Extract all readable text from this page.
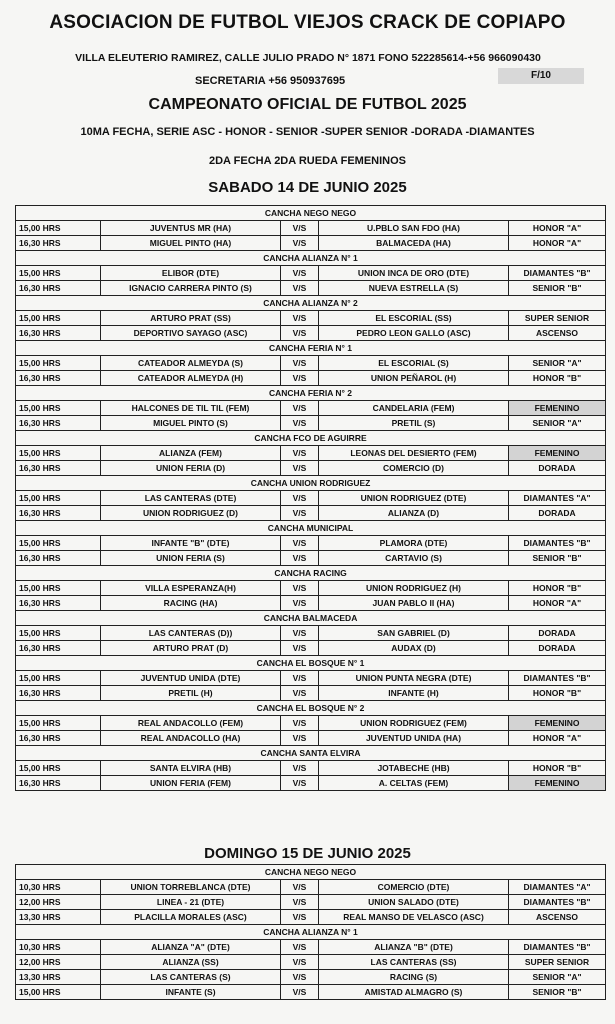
ASOCIACION DE FUTBOL VIEJOS CRACK DE COPIAPO
VILLA ELEUTERIO RAMIREZ, CALLE JULIO PRADO N° 1871 FONO 522285614-+56 966090430
SECRETARIA +56 950937695	F/10
CAMPEONATO OFICIAL DE FUTBOL 2025
10MA FECHA, SERIE ASC - HONOR - SENIOR -SUPER SENIOR -DORADA -DIAMANTES
2DA FECHA 2DA RUEDA FEMENINOS
SABADO 14 DE JUNIO 2025
CANCHA NEGO NEGO				
15,00 HRS	JUVENTUS MR (HA)	V/S	U.PBLO SAN FDO (HA)	HONOR "A"
16,30 HRS	MIGUEL PINTO (HA)	V/S	BALMACEDA (HA)	HONOR "A"
CANCHA ALIANZA N° 1				
15,00 HRS	ELIBOR (DTE)	V/S	UNION INCA DE ORO (DTE)	DIAMANTES "B"
16,30 HRS	IGNACIO CARRERA PINTO (S)	V/S	NUEVA ESTRELLA (S)	SENIOR "B"
CANCHA ALIANZA N° 2				
15,00 HRS	ARTURO PRAT (SS)	V/S	EL ESCORIAL (SS)	SUPER SENIOR
16,30 HRS	DEPORTIVO SAYAGO (ASC)	V/S	PEDRO LEON GALLO (ASC)	ASCENSO
CANCHA FERIA N° 1				
15,00 HRS	CATEADOR ALMEYDA (S)	V/S	EL ESCORIAL (S)	SENIOR "A"
16,30 HRS	CATEADOR ALMEYDA (H)	V/S	UNION PEÑAROL (H)	HONOR "B"
CANCHA FERIA N° 2				
15,00 HRS	HALCONES DE TIL TIL (FEM)	V/S	CANDELARIA (FEM)	FEMENINO
16,30 HRS	MIGUEL PINTO (S)	V/S	PRETIL (S)	SENIOR "A"
CANCHA FCO DE AGUIRRE				
15,00 HRS	ALIANZA (FEM)	V/S	LEONAS DEL DESIERTO (FEM)	FEMENINO
16,30 HRS	UNION FERIA (D)	V/S	COMERCIO (D)	DORADA
CANCHA UNION RODRIGUEZ				
15,00 HRS	LAS CANTERAS (DTE)	V/S	UNION RODRIGUEZ (DTE)	DIAMANTES "A"
16,30 HRS	UNION RODRIGUEZ (D)	V/S	ALIANZA (D)	DORADA
CANCHA MUNICIPAL				
15,00 HRS	INFANTE "B" (DTE)	V/S	PLAMORA (DTE)	DIAMANTES "B"
16,30 HRS	UNION FERIA (S)	V/S	CARTAVIO (S)	SENIOR "B"
CANCHA RACING				
15,00 HRS	VILLA ESPERANZA(H)	V/S	UNION RODRIGUEZ (H)	HONOR "B"
16,30 HRS	RACING (HA)	V/S	JUAN PABLO II (HA)	HONOR "A"
CANCHA BALMACEDA				
15,00 HRS	LAS CANTERAS (D))	V/S	SAN GABRIEL (D)	DORADA
16,30 HRS	ARTURO PRAT (D)	V/S	AUDAX (D)	DORADA
CANCHA EL BOSQUE N° 1				
15,00 HRS	JUVENTUD UNIDA (DTE)	V/S	UNION PUNTA NEGRA (DTE)	DIAMANTES "B"
16,30 HRS	PRETIL (H)	V/S	INFANTE (H)	HONOR "B"
CANCHA EL BOSQUE N° 2				
15,00 HRS	REAL ANDACOLLO (FEM)	V/S	UNION RODRIGUEZ (FEM)	FEMENINO
16,30 HRS	REAL ANDACOLLO (HA)	V/S	JUVENTUD UNIDA (HA)	HONOR "A"
CANCHA SANTA ELVIRA				
15,00 HRS	SANTA ELVIRA (HB)	V/S	JOTABECHE (HB)	HONOR "B"
16,30 HRS	UNION FERIA (FEM)	V/S	A. CELTAS (FEM)	FEMENINO
DOMINGO 15 DE JUNIO 2025
CANCHA NEGO NEGO				
10,30 HRS	UNION TORREBLANCA (DTE)	V/S	COMERCIO (DTE)	DIAMANTES "A"
12,00 HRS	LINEA - 21 (DTE)	V/S	UNION SALADO (DTE)	DIAMANTES "B"
13,30 HRS	PLACILLA MORALES (ASC)	V/S	REAL MANSO DE VELASCO (ASC)	ASCENSO
CANCHA ALIANZA N° 1				
10,30 HRS	ALIANZA "A" (DTE)	V/S	ALIANZA "B" (DTE)	DIAMANTES "B"
12,00 HRS	ALIANZA (SS)	V/S	LAS CANTERAS (SS)	SUPER SENIOR
13,30 HRS	LAS CANTERAS (S)	V/S	RACING (S)	SENIOR "A"
15,00 HRS	INFANTE (S)	V/S	AMISTAD ALMAGRO (S)	SENIOR "B"
